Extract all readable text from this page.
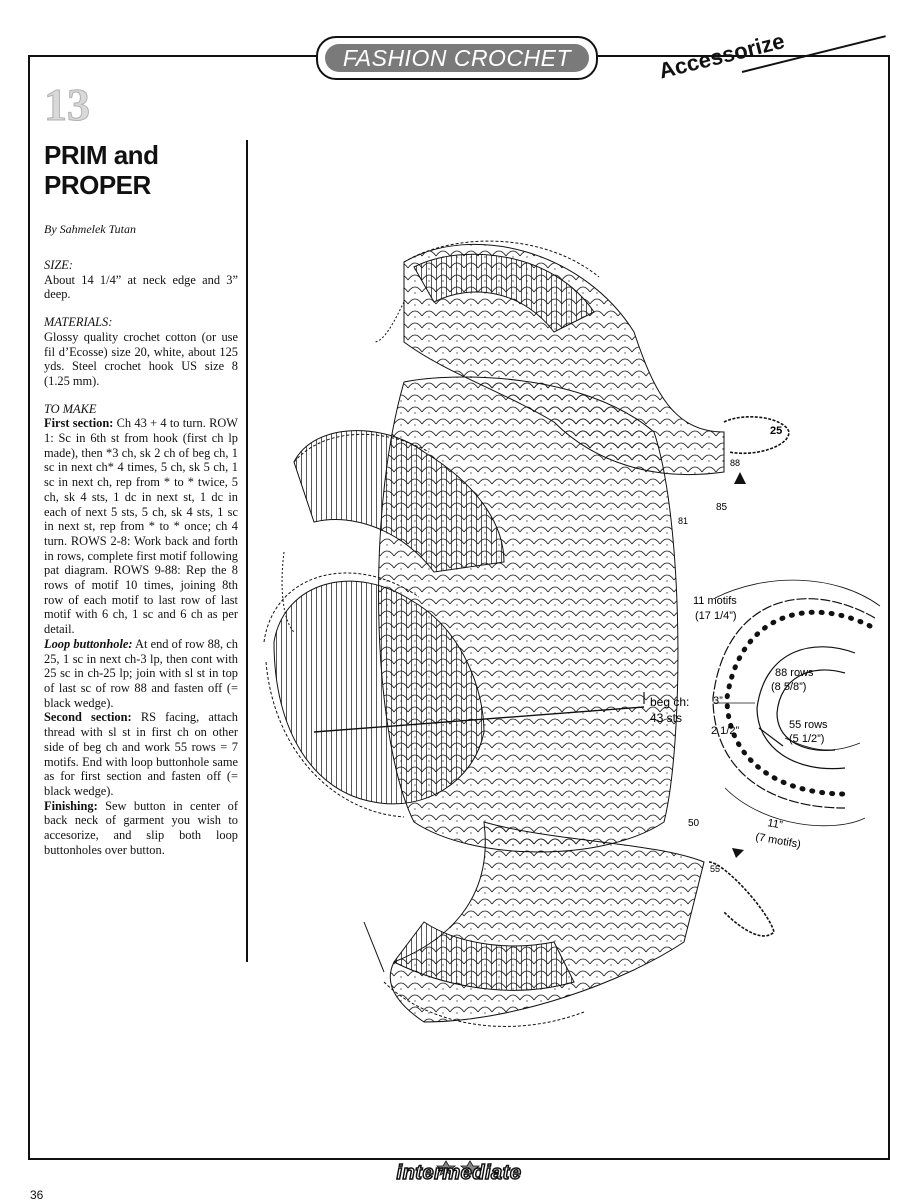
FASHION CROCHET	Accessorize
13
PRIM and
PROPER
By Sahmelek Tutan

SIZE:
About 14 1/4” at neck edge and 3” deep.

MATERIALS:
Glossy quality crochet cotton (or use fil d’Ecosse) size 20, white, about 125 yds. Steel crochet hook US size 8 (1.25 mm).

TO MAKE

First section: Ch 43 + 4 to turn. ROW 1: Sc in 6th st from hook (first ch lp made), then *3 ch, sk 2 ch of beg ch, 1 sc in next ch* 4 times, 5 ch, sk 5 ch, 1 sc in next ch, rep from * to * twice, 5 ch, sk 4 sts, 1 dc in next st, 1 dc in each of next 5 sts, 5 ch, sk 4 sts, 1 sc in next st, rep from * to * once; ch 4 turn. ROWS 2-8: Work back and forth in rows, complete first motif following pat diagram. ROWS 9-88: Rep the 8 rows of motif 10 times, joining 8th row of each motif to last row of last motif with 6 ch, 1 sc and 6 ch as per detail.

Loop buttonhole: At end of row 88, ch 25, 1 sc in next ch-3 lp, then cont with 25 sc in ch-25 lp; join with sl st in top of last sc of row 88 and fasten off (= black wedge).

Second section: RS facing, attach thread with sl st in first ch on other side of beg ch and work 55 rows = 7 motifs. End with loop buttonhole same as for first section and fasten off (= black wedge).

Finishing: Sew button in center of back neck of garment you wish to accesorize, and slip both loop buttonholes over button.

25
88
85
81
50
55
beg ch:
43 sts
11 motifs
(17 1/4”)
88 rows
(8 5/8”)
3”
2 1/2”	55 rows
(5 1/2”)
11”
(7 motifs)
intermediate
36
